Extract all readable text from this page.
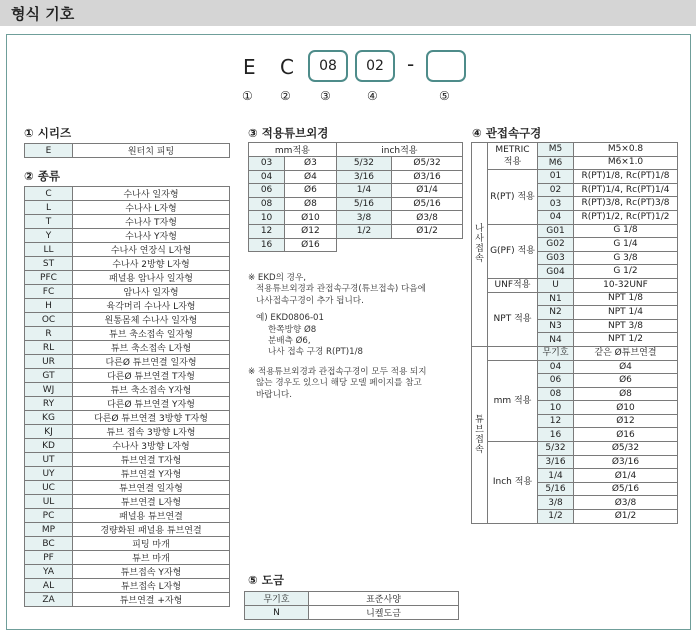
형식 기호
E C	08	02	-
① ② ③	④	⑤
① 시리즈
E	원터치 피팅
② 종류
C	수나사 일자형
L	수나사 L자형
T	수나사 T자형
Y	수나사 Y자형
LL	수나사 연장식 L자형
ST	수나사 2방향 L자형
PFC	패널용 암나사 일자형
FC	암나사 일자형
H	육각머리 수나사 L자형
OC	원통몸체 수나사 일자형
R	튜브 축소접속 일자형
RL	튜브 축소접속 L자형
UR	다른Ø 튜브연결 일자형
GT	다른Ø 튜브연결 T자형
WJ	튜브 축소접속 Y자형
RY	다른Ø 튜브연결 Y자형
KG	다른Ø 튜브연결 3방향 T자형
KJ	튜브 접속 3방향 L자형
KD	수나사 3방향 L자형
UT	튜브연결 T자형
UY	튜브연결 Y자형
UC	튜브연결 일자형
UL	튜브연결 L자형
PC	패널용 튜브연결
MP	경량화된 패널용 튜브연결
BC	피팅 마개
PF	튜브 마개
YA	튜브접속 Y자형
AL	튜브접속 L자형
ZA	튜브연결 +자형
③ 적용튜브외경
mm적용		inch적용	
03	Ø3	5/32	Ø5/32
04	Ø4	3/16	Ø3/16
06	Ø6	1/4	Ø1/4
08	Ø8	5/16	Ø5/16
10	Ø10	3/8	Ø3/8
12	Ø12	1/2	Ø1/2
16	Ø16		

※ EKD의 경우,

적용튜브외경과 관접속구경(튜브접속) 다음에

나사접속구경이 추가 됩니다.

예) EKD0806-01

한쪽방향 Ø8

분배측 Ø6,

나사 접속 구경 R(PT)1/8

※ 적용튜브외경과 관접속구경이 모두 적용 되지

않는 경우도 있으니 해당 모델 페이지를 참고

바랍니다.

⑤ 도금
무기호	표준사양
N	니켈도금
④ 관접속구경
나
사
접
속	METRIC 적용	M5	M5×0.8
		M6	M6×1.0
	R(PT) 적용	01	R(PT)1/8, Rc(PT)1/8
		02	R(PT)1/4, Rc(PT)1/4
		03	R(PT)3/8, Rc(PT)3/8
		04	R(PT)1/2, Rc(PT)1/2
	G(PF) 적용	G01	G 1/8
		G02	G 1/4
		G03	G 3/8
		G04	G 1/2
	UNF적용	U	10-32UNF
	NPT 적용	N1	NPT 1/8
		N2	NPT 1/4
		N3	NPT 3/8
		N4	NPT 1/2
튜
브
접
속		무기호	같은 Ø튜브연결
	mm 적용	04	Ø4
		06	Ø6
		08	Ø8
		10	Ø10
		12	Ø12
		16	Ø16
	Inch 적용	5/32	Ø5/32
		3/16	Ø3/16
		1/4	Ø1/4
		5/16	Ø5/16
		3/8	Ø3/8
		1/2	Ø1/2
